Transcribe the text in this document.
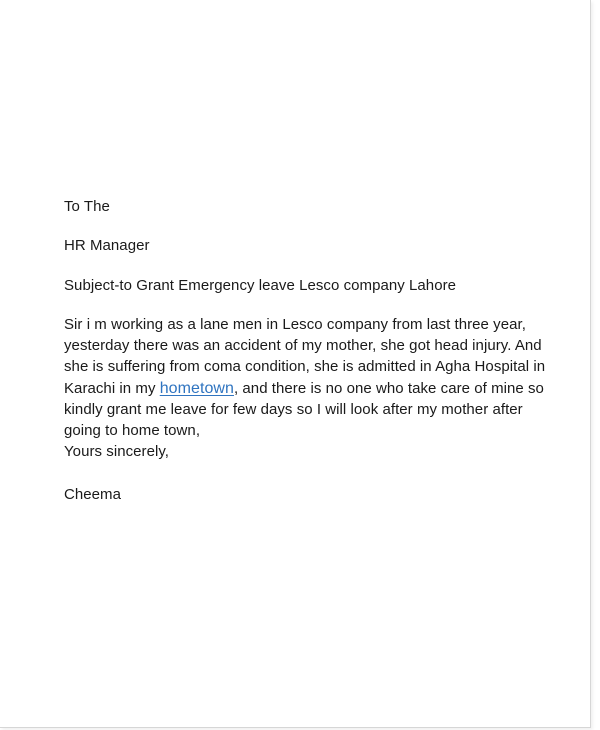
To The
HR Manager
Subject-to Grant Emergency leave Lesco company Lahore
Sir i m working as a lane men in Lesco company from last three year,
yesterday there was an accident of my mother, she got head injury. And
she is suffering from coma condition, she is admitted in Agha Hospital in
Karachi in my hometown, and there is no one who take care of mine so
kindly grant me leave for few days so I will look after my mother after
going to home town,
Yours sincerely,
Cheema
